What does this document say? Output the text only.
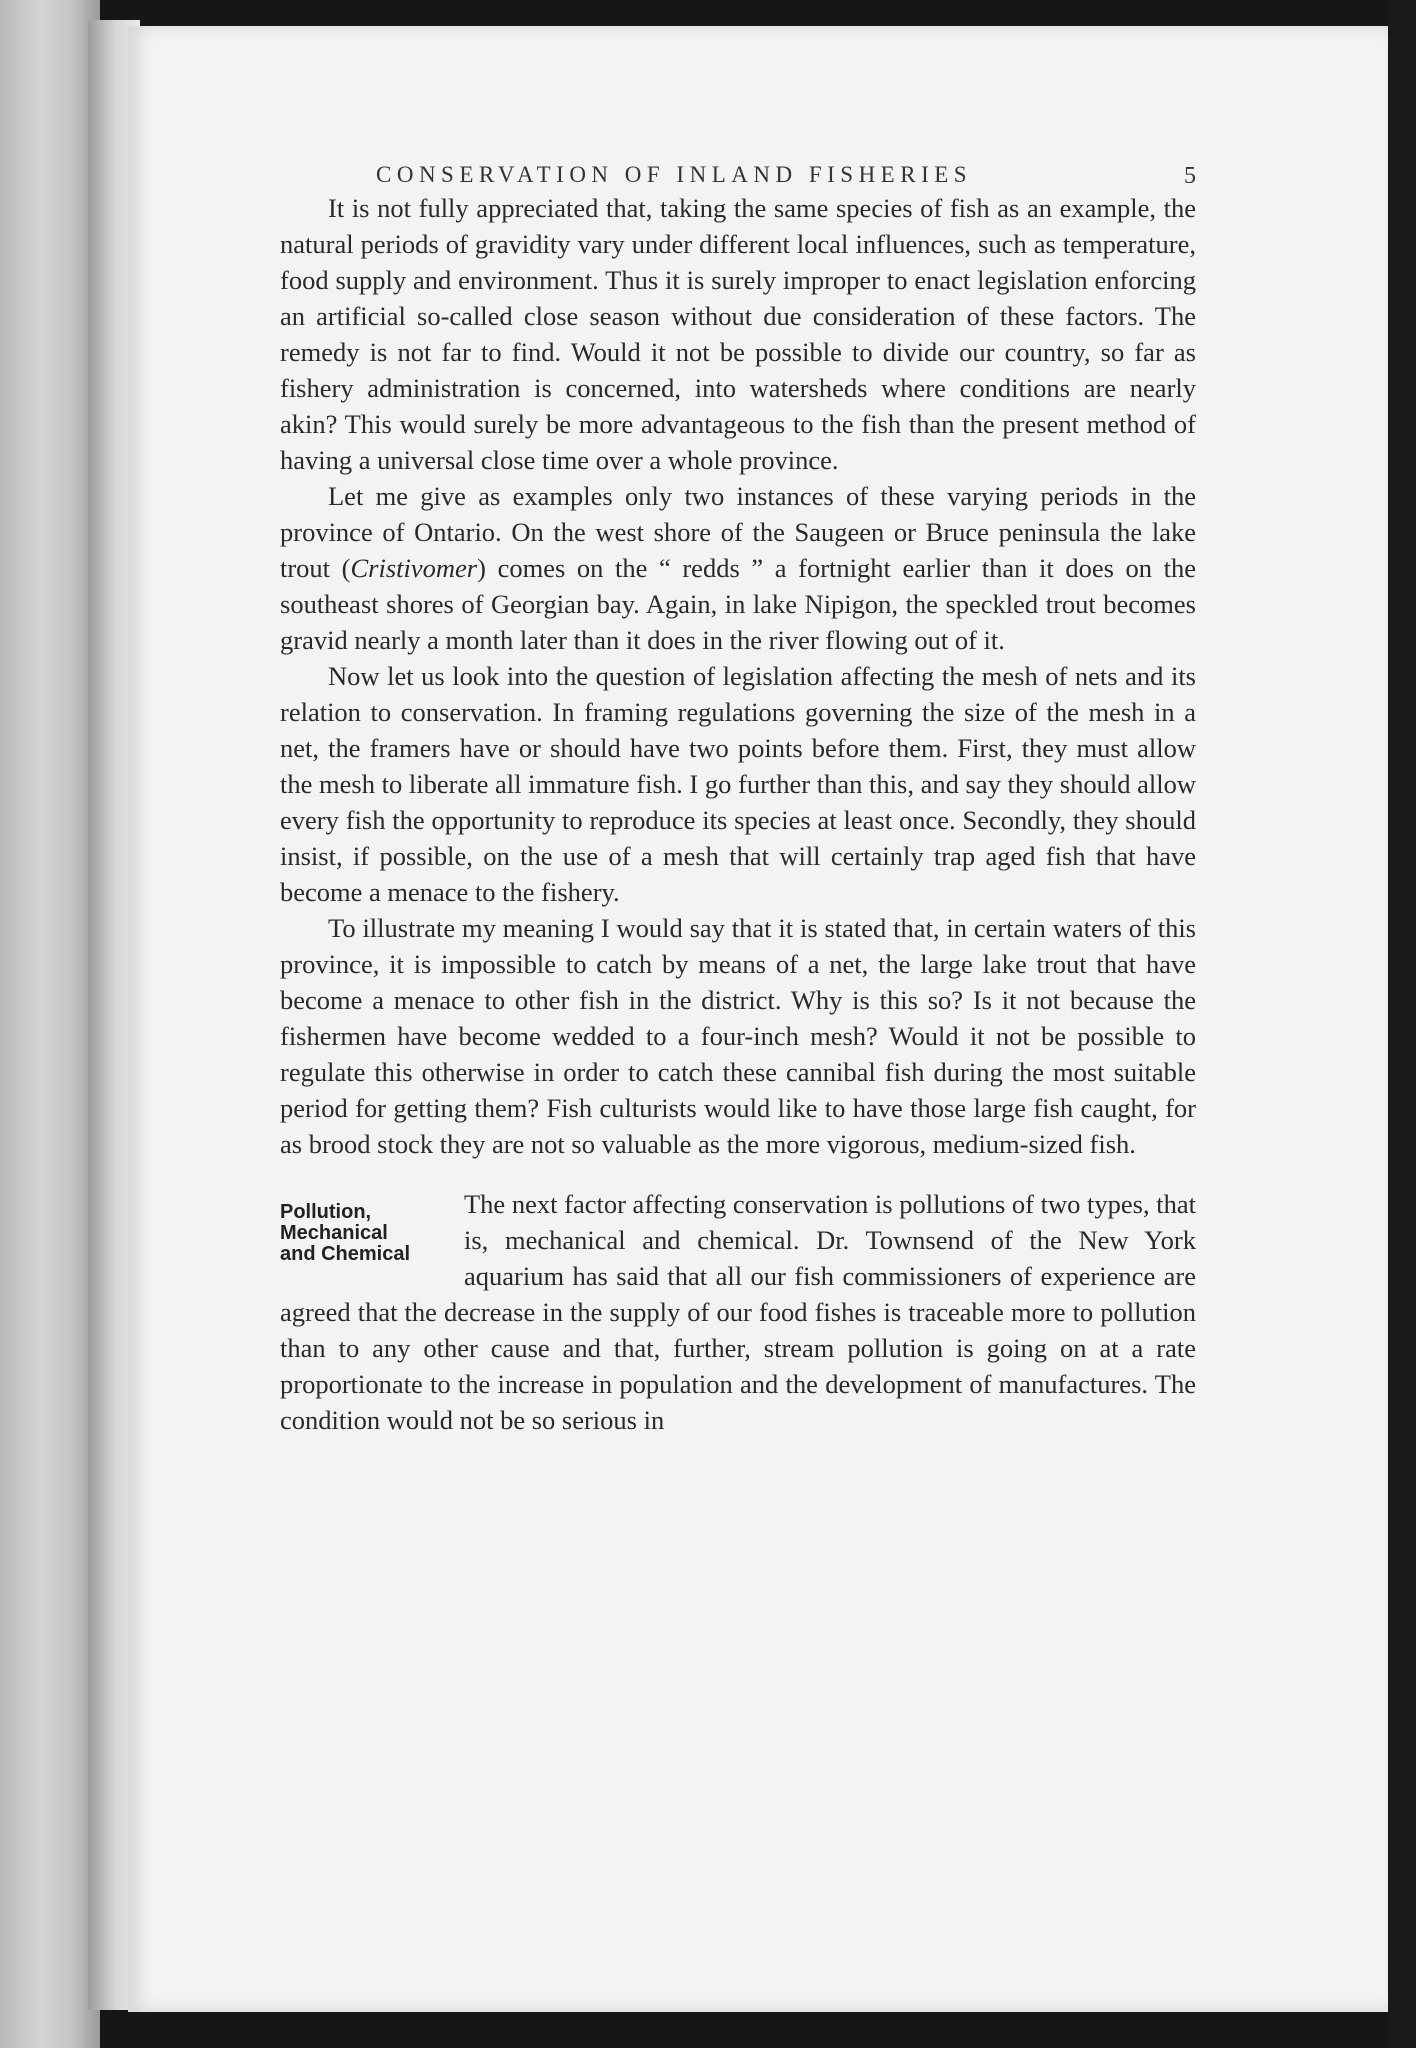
CONSERVATION OF INLAND FISHERIES	5

It is not fully appreciated that, taking the same species of fish as an example, the natural periods of gravidity vary under different local influences, such as temperature, food supply and environment. Thus it is surely improper to enact legislation enforcing an artificial so-called close season without due consideration of these factors. The remedy is not far to find. Would it not be possible to divide our country, so far as fishery administration is concerned, into watersheds where conditions are nearly akin? This would surely be more advantageous to the fish than the present method of having a universal close time over a whole province.

Let me give as examples only two instances of these varying periods in the province of Ontario. On the west shore of the Saugeen or Bruce peninsula the lake trout (Cristivomer) comes on the “ redds ” a fortnight earlier than it does on the southeast shores of Georgian bay. Again, in lake Nipigon, the speckled trout becomes gravid nearly a month later than it does in the river flowing out of it.

Now let us look into the question of legislation affecting the mesh of nets and its relation to conservation. In framing regulations governing the size of the mesh in a net, the framers have or should have two points before them. First, they must allow the mesh to liberate all immature fish. I go further than this, and say they should allow every fish the opportunity to reproduce its species at least once. Secondly, they should insist, if possible, on the use of a mesh that will certainly trap aged fish that have become a menace to the fishery.

To illustrate my meaning I would say that it is stated that, in certain waters of this province, it is impossible to catch by means of a net, the large lake trout that have become a menace to other fish in the district. Why is this so? Is it not because the fishermen have become wedded to a four-inch mesh? Would it not be possible to regulate this otherwise in order to catch these cannibal fish during the most suitable period for getting them? Fish culturists would like to have those large fish caught, for as brood stock they are not so valuable as the more vigorous, medium-sized fish.

Pollution,
Mechanical
and Chemical

The next factor affecting conservation is pollutions of two types, that is, mechanical and chemical. Dr. Townsend of the New York aquarium has said that all our fish commissioners of experience are agreed that the decrease in the supply of our food fishes is traceable more to pollution than to any other cause and that, further, stream pollution is going on at a rate proportionate to the increase in population and the development of manufactures. The condition would not be so serious in
